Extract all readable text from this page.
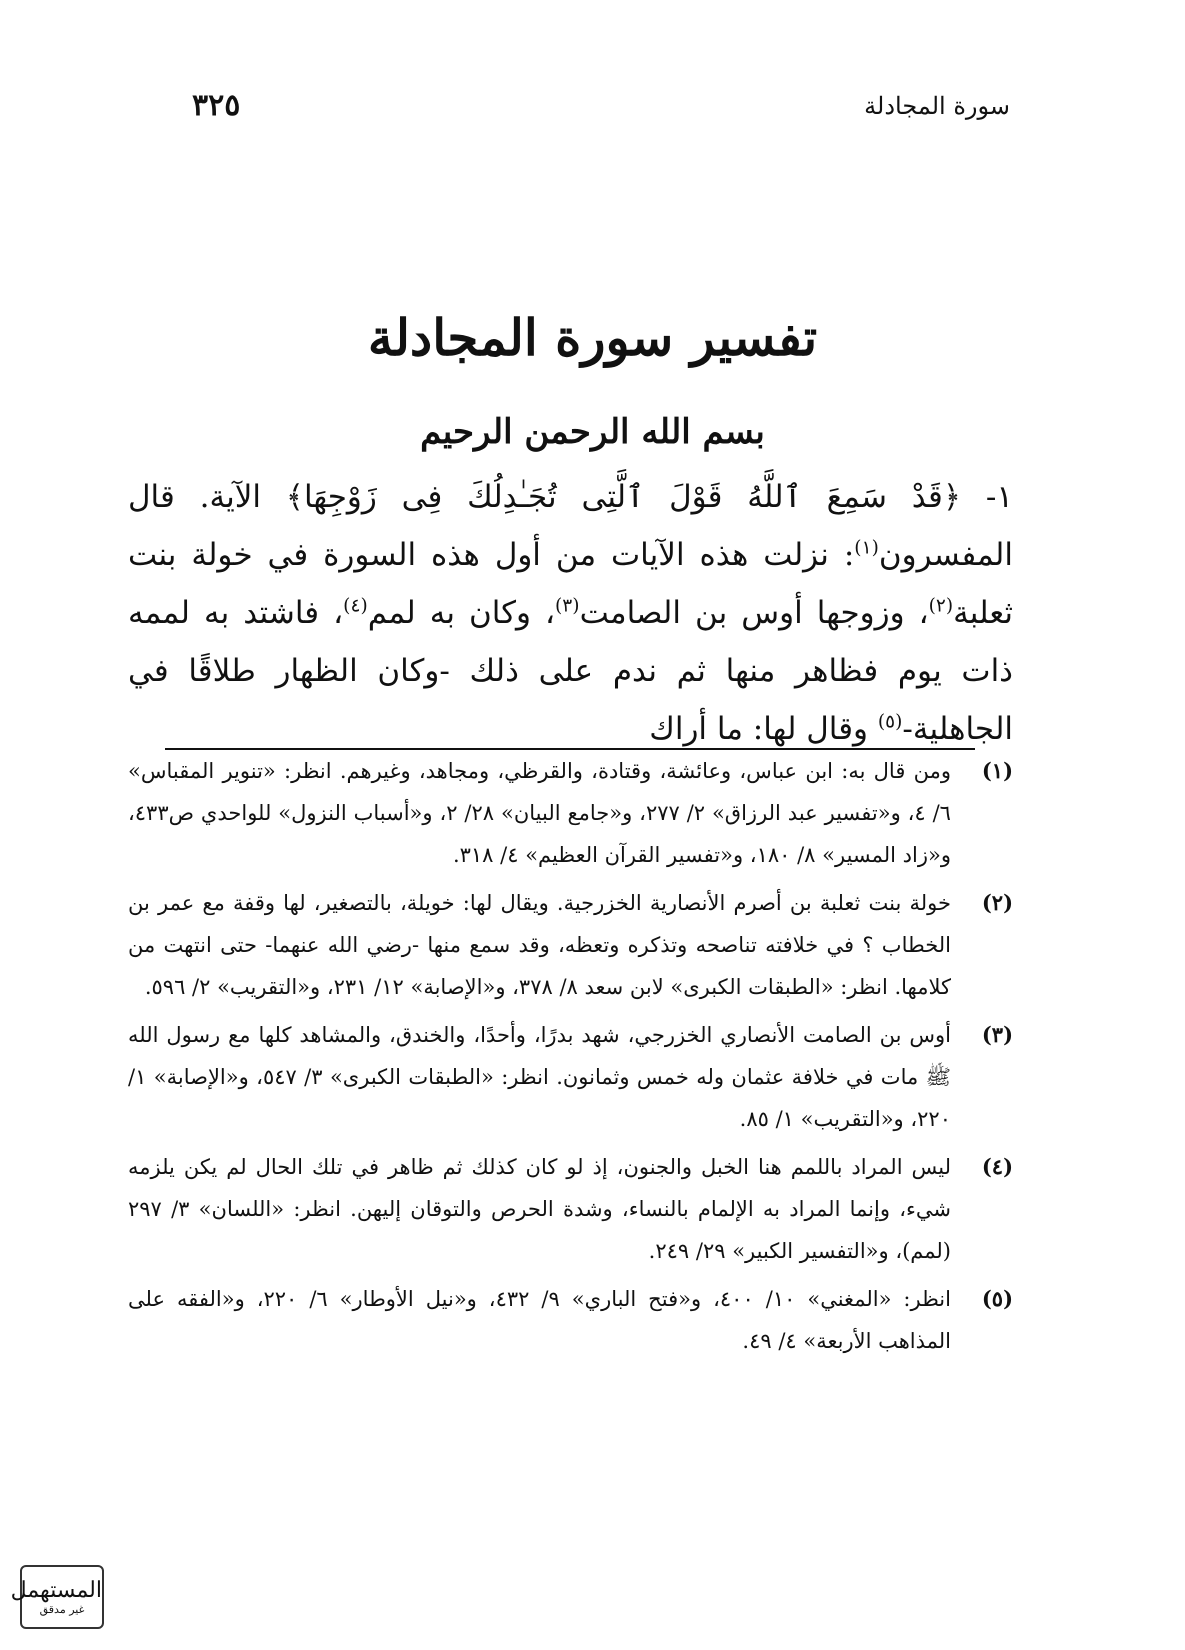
سورة المجادلة
٣٢٥
تفسير سورة المجادلة
بسم الله الرحمن الرحيم

١- ﴿قَدْ سَمِعَ ٱللَّهُ قَوْلَ ٱلَّتِى تُجَـٰدِلُكَ فِى زَوْجِهَا﴾ الآية. قال المفسرون$^{(١)}$: نزلت هذه الآيات من أول هذه السورة في خولة بنت ثعلبة$^{(٢)}$، وزوجها أوس بن الصامت$^{(٣)}$، وكان به لمم$^{(٤)}$، فاشتد به لممه ذات يوم فظاهر منها ثم ندم على ذلك -وكان الظهار طلاقًا في الجاهلية-$^{(٥)}$ وقال لها: ما أراك

(١)
ومن قال به: ابن عباس، وعائشة، وقتادة، والقرظي، ومجاهد، وغيرهم. انظر: «تنوير المقباس» ٦/ ٤، و«تفسير عبد الرزاق» ٢/ ٢٧٧، و«جامع البيان» ٢٨/ ٢، و«أسباب النزول» للواحدي ص٤٣٣، و«زاد المسير» ٨/ ١٨٠، و«تفسير القرآن العظيم» ٤/ ٣١٨.
(٢)
خولة بنت ثعلبة بن أصرم الأنصارية الخزرجية. ويقال لها: خويلة، بالتصغير، لها وقفة مع عمر بن الخطاب ؟ في خلافته تناصحه وتذكره وتعظه، وقد سمع منها -رضي الله عنهما- حتى انتهت من كلامها. انظر: «الطبقات الكبرى» لابن سعد ٨/ ٣٧٨، و«الإصابة» ١٢/ ٢٣١، و«التقريب» ٢/ ٥٩٦.
(٣)
أوس بن الصامت الأنصاري الخزرجي، شهد بدرًا، وأحدًا، والخندق، والمشاهد كلها مع رسول الله ﷺ مات في خلافة عثمان وله خمس وثمانون. انظر: «الطبقات الكبرى» ٣/ ٥٤٧، و«الإصابة» ١/ ٢٢٠، و«التقريب» ١/ ٨٥.
(٤)
ليس المراد باللمم هنا الخبل والجنون، إذ لو كان كذلك ثم ظاهر في تلك الحال لم يكن يلزمه شيء، وإنما المراد به الإلمام بالنساء، وشدة الحرص والتوقان إليهن. انظر: «اللسان» ٣/ ٢٩٧ (لمم)، و«التفسير الكبير» ٢٩/ ٢٤٩.
(٥)
انظر: «المغني» ١٠/ ٤٠٠، و«فتح الباري» ٩/ ٤٣٢، و«نيل الأوطار» ٦/ ٢٢٠، و«الفقه على المذاهب الأربعة» ٤/ ٤٩.
المستهمل
غير مدقق
